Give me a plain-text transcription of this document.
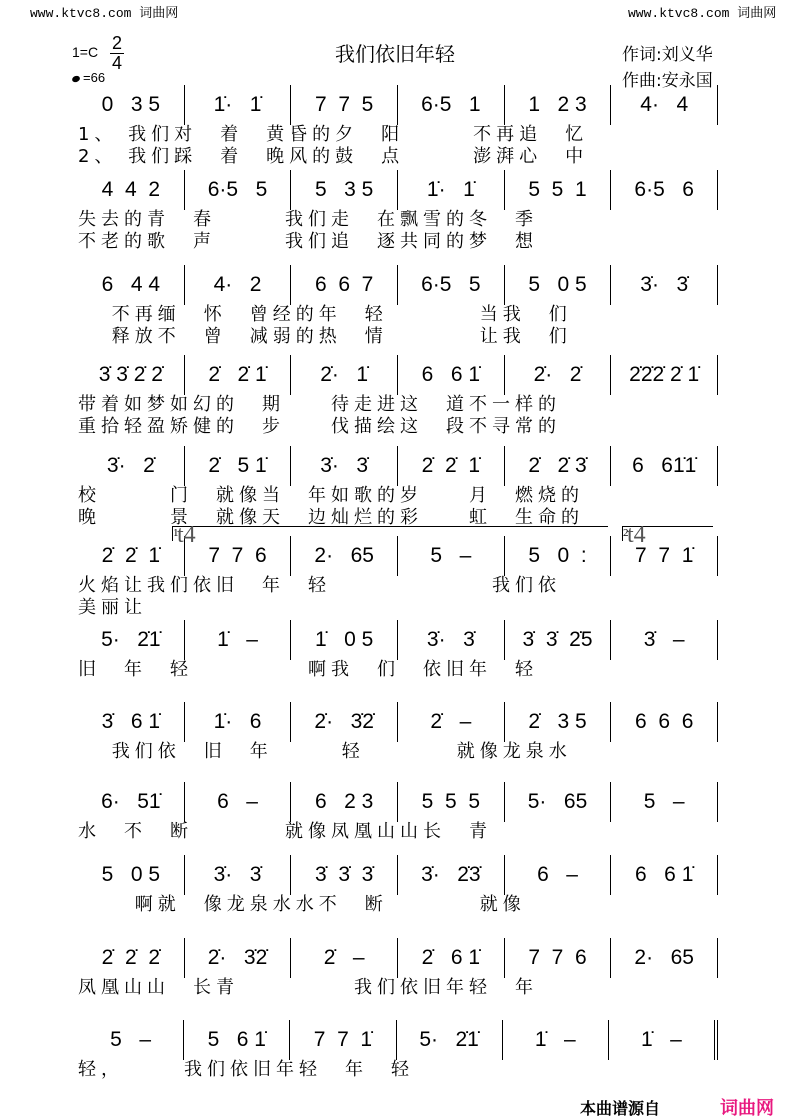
www.ktvc8.com 词曲网	www.ktvc8.com 词曲网
我们依旧年轻
1=C 2
4
=66
作词:刘义华
作曲:安永国
0   3 5	1̇·   1̇	7  7  5	6·5   1	1   2 3	4·   4
1、 我们对　着　黄昏的夕　阳　　　不再追　忆
2、 我们踩　着　晚风的鼓　点　　　澎湃心　中
4  4  2	6·5   5	5   3 5	1̇·   1̇	5  5  1	6·5   6
失去的青　春　　　我们走　在飘雪的冬　季
不老的歌　声　　　我们追　逐共同的梦　想
6   4 4	4·   2	6  6  7	6·5   5	5   0 5	3̇·   3̇
　 不再缅　怀　曾经的年　轻　　　　当我　们
　 释放不　曾　减弱的热　情　　　　让我　们
3̇ 3̇ 2̇ 2̇	2̇   2̇ 1̇	2̇·   1̇	6   6 1̇	2̇·   2̇	2̇2̇2̇ 2̇ 1̇
带着如梦如幻的　期　　待走进这　道不一样的
重拾轻盈矫健的　步　　伐描绘这　段不寻常的
3̇·   2̇	2̇   5 1̇	3̇·   3̇	2̇  2̇  1̇	2̇   2̇ 3̇	6   61̇1̇
校　　　门　就像当　年如歌的岁　　月　燃烧的
晚　　　景　就像天　边灿烂的彩　　虹　生命的
2̇  2̇  1̇	7  7  6	2·   65	5   –	5   0  :	7  7  1̇
火焰让我们依旧　年　轻　　　　　　　我们依
美丽让
5·   2̇1̇	1̇   –	1̇   0 5	3̇·   3̇	3̇  3̇  2̇5	3̇   –
旧　年　轻　　　　　啊我　们　依旧年　轻
3̇   6 1̇	1̇·   6	2̇·   3̇2̇	2̇   –	2̇   3 5	6  6  6
　 我们依　旧　年　　　轻　　　　就像龙泉水
6·   51̇	6   –	6   2 3	5  5  5	5·   65	5   –
水　不　断　　　　就像凤凰山山长　青
5   0 5	3̇·   3̇	3̇  3̇  3̇	3̇·   2̇3̇	6   –	6   6 1̇
　　 啊就　像龙泉水水不　断　　　　就像
2̇  2̇  2̇	2̇·   3̇2̇	2̇   –	2̇   6 1̇	7  7  6	2·   65
凤凰山山　长青　　　　　我们依旧年轻　年
5   –	5   6 1̇	7  7  1̇	5·   2̇1̇	1̇   –	1̇   –
轻，　　　我们依旧年轻　年　轻
1
t4	2
t4
本曲谱源自	词曲网
